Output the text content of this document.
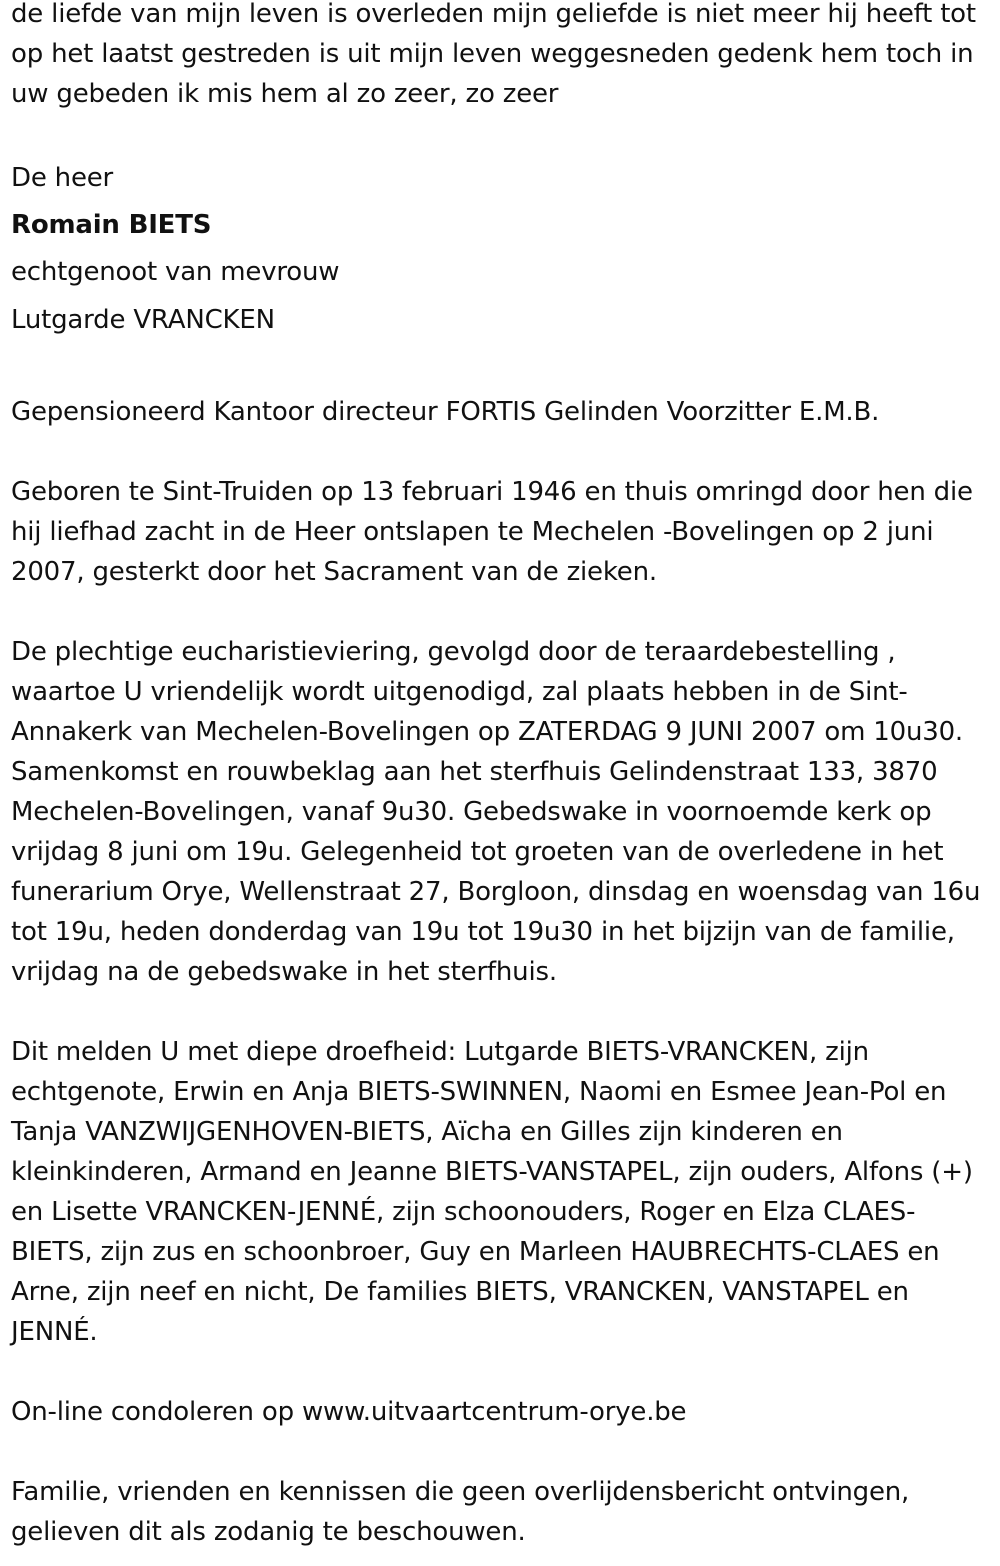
de liefde van mijn leven is overleden mijn geliefde is niet meer hij heeft tot op het laatst gestreden is uit mijn leven weggesneden gedenk hem toch in uw gebeden ik mis hem al zo zeer, zo zeer

De heer

Romain BIETS

echtgenoot van mevrouw

Lutgarde VRANCKEN

Gepensioneerd Kantoor directeur FORTIS Gelinden Voorzitter E.M.B.

Geboren te Sint-Truiden op 13 februari 1946 en thuis omringd door hen die hij liefhad zacht in de Heer ontslapen te Mechelen -Bovelingen op 2 juni 2007, gesterkt door het Sacrament van de zieken.

De plechtige eucharistieviering, gevolgd door de teraardebestelling , waartoe U vriendelijk wordt uitgenodigd, zal plaats hebben in de Sint-Annakerk van Mechelen-Bovelingen op ZATERDAG 9 JUNI 2007 om 10u30. Samenkomst en rouwbeklag aan het sterfhuis Gelindenstraat 133, 3870 Mechelen-Bovelingen, vanaf 9u30. Gebedswake in voornoemde kerk op vrijdag 8 juni om 19u. Gelegenheid tot groeten van de overledene in het funerarium Orye, Wellenstraat 27, Borgloon, dinsdag en woensdag van 16u tot 19u, heden donderdag van 19u tot 19u30 in het bijzijn van de familie, vrijdag na de gebedswake in het sterfhuis.

Dit melden U met diepe droefheid: Lutgarde BIETS-VRANCKEN, zijn echtgenote, Erwin en Anja BIETS-SWINNEN, Naomi en Esmee Jean-Pol en Tanja VANZWIJGENHOVEN-BIETS, Aïcha en Gilles zijn kinderen en kleinkinderen, Armand en Jeanne BIETS-VANSTAPEL, zijn ouders, Alfons (+) en Lisette VRANCKEN-JENNÉ, zijn schoonouders, Roger en Elza CLAES-BIETS, zijn zus en schoonbroer, Guy en Marleen HAUBRECHTS-CLAES en Arne, zijn neef en nicht, De families BIETS, VRANCKEN, VANSTAPEL en JENNÉ.

On-line condoleren op www.uitvaartcentrum-orye.be

Familie, vrienden en kennissen die geen overlijdensbericht ontvingen, gelieven dit als zodanig te beschouwen.
